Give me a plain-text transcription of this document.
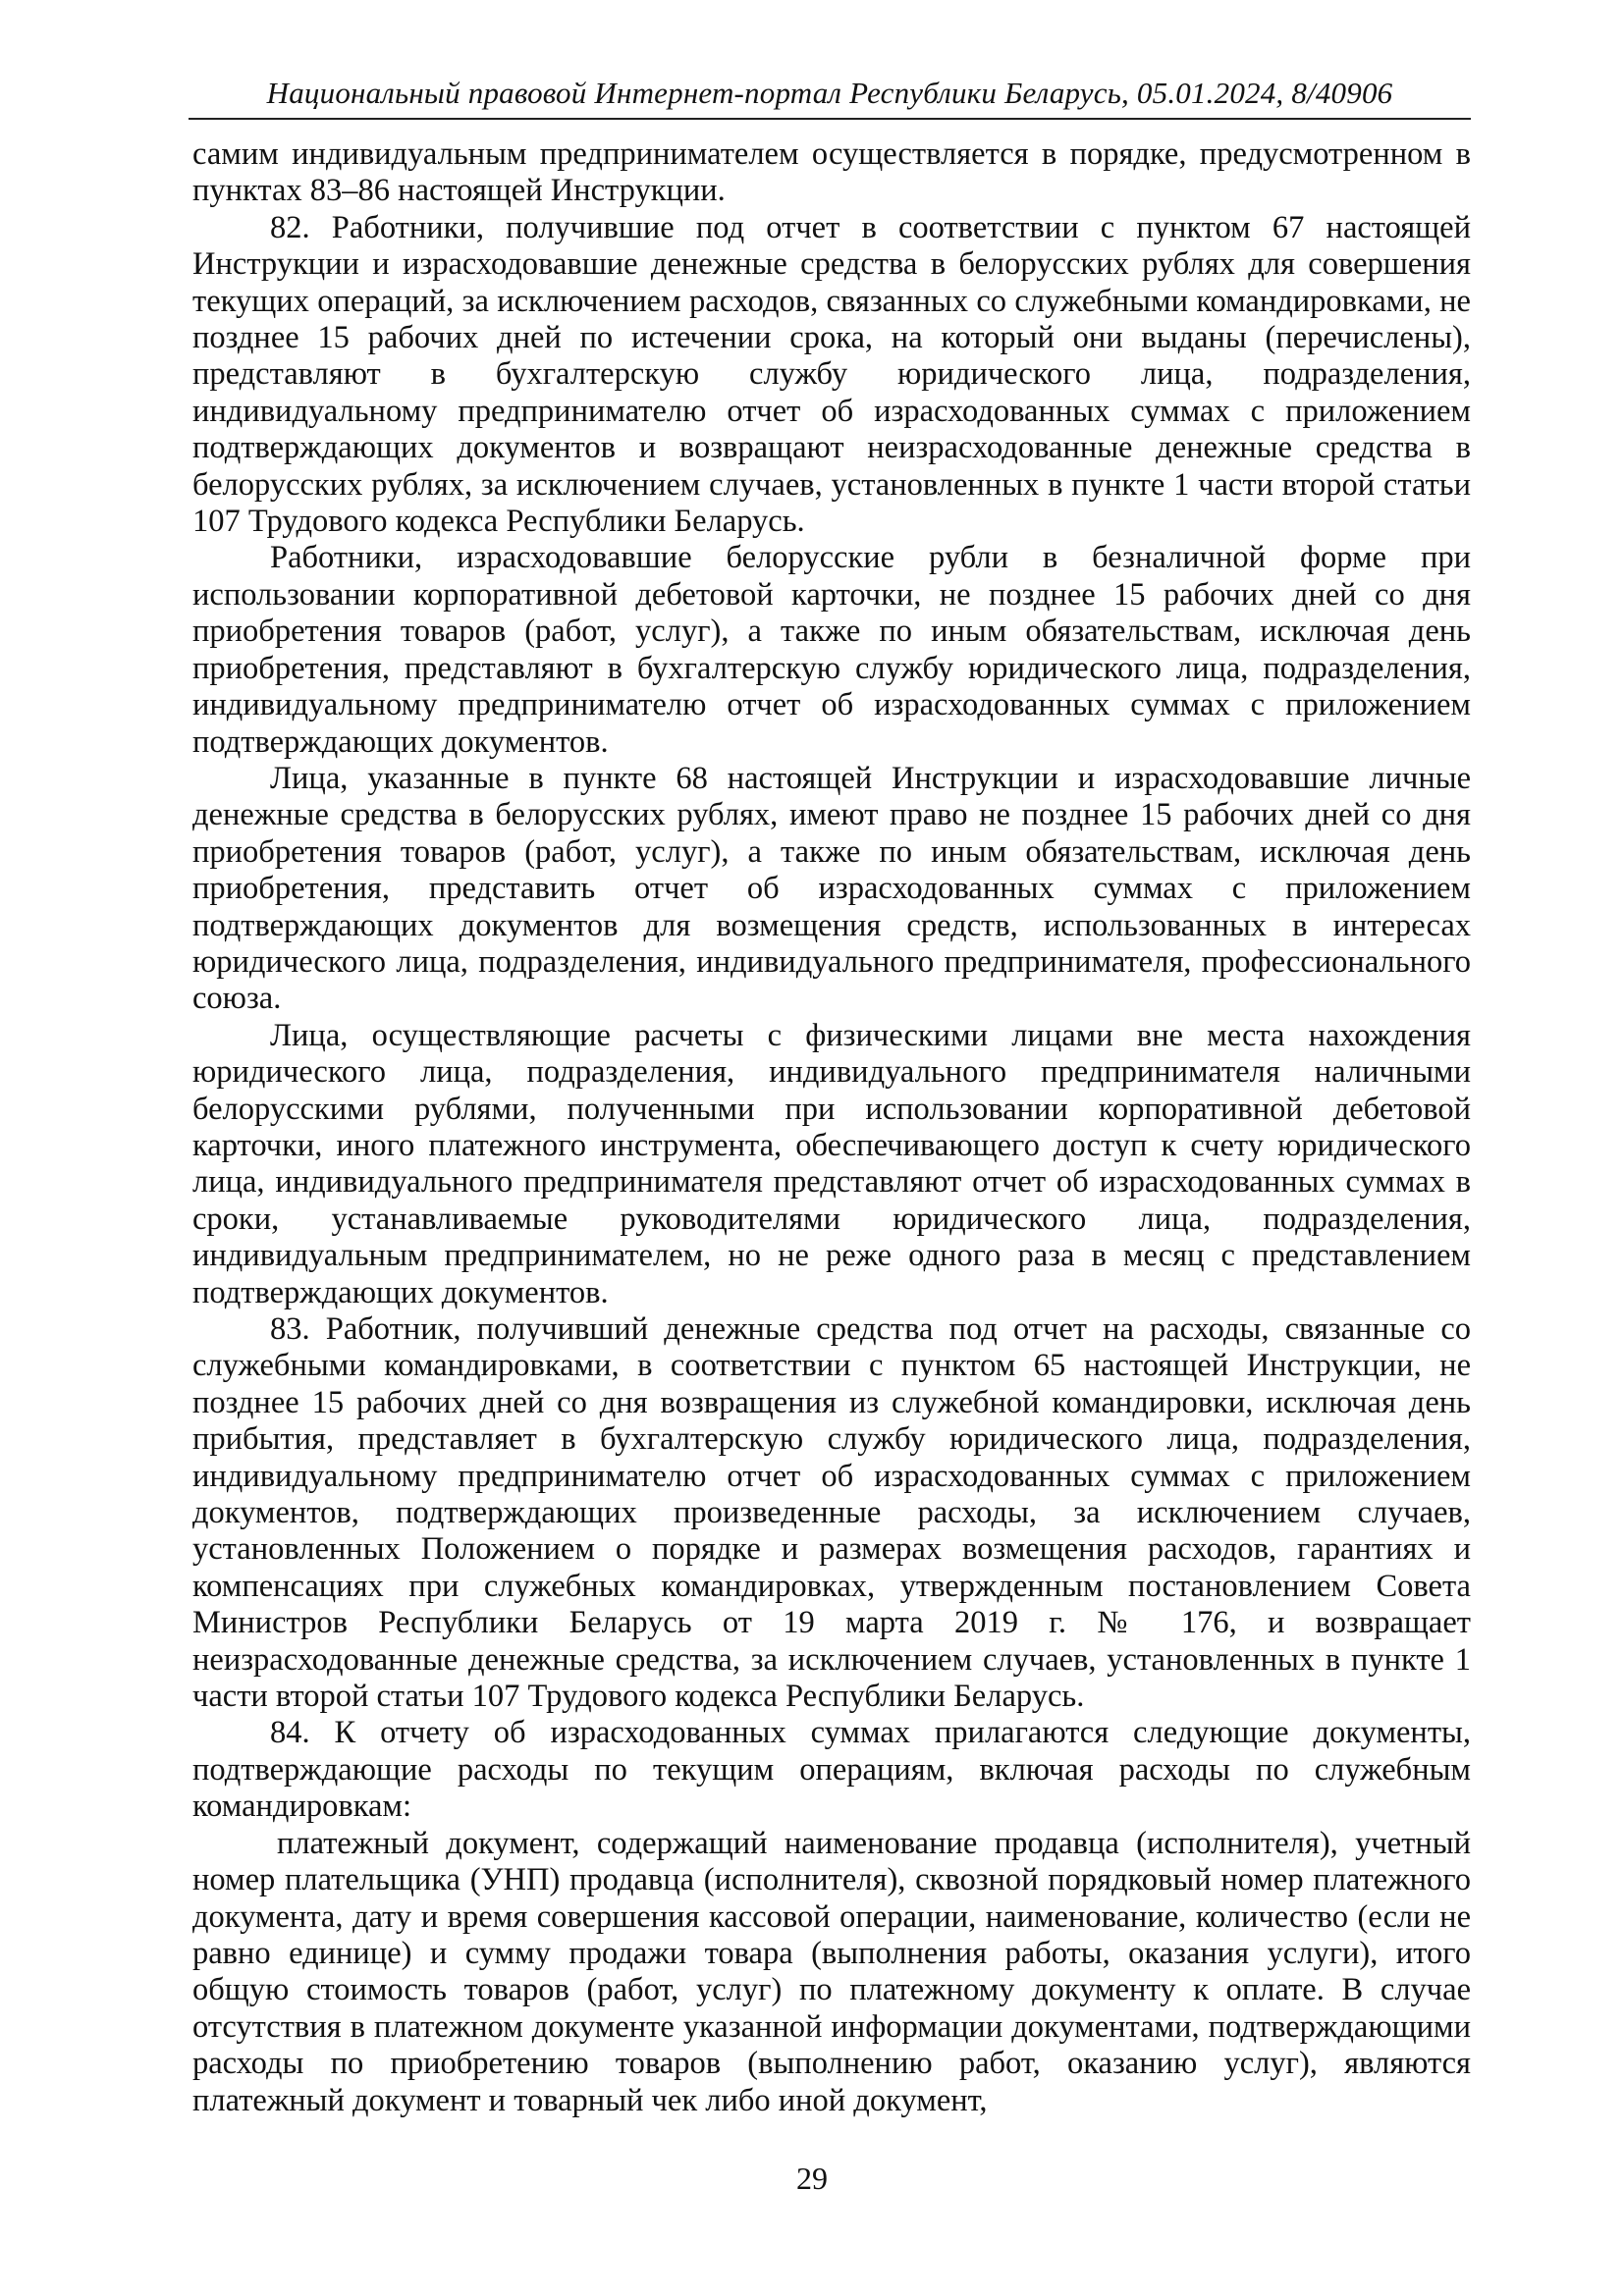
Национальный правовой Интернет-портал Республики Беларусь, 05.01.2024, 8/40906

самим индивидуальным предпринимателем осуществляется в порядке, предусмотренном в пунктах 83–86 настоящей Инструкции.

82. Работники, получившие под отчет в соответствии с пунктом 67 настоящей Инструкции и израсходовавшие денежные средства в белорусских рублях для совершения текущих операций, за исключением расходов, связанных со служебными командировками, не позднее 15 рабочих дней по истечении срока, на который они выданы (перечислены), представляют в бухгалтерскую службу юридического лица, подразделения, индивидуальному предпринимателю отчет об израсходованных суммах с приложением подтверждающих документов и возвращают неизрасходованные денежные средства в белорусских рублях, за исключением случаев, установленных в пункте 1 части второй статьи 107 Трудового кодекса Республики Беларусь.

Работники, израсходовавшие белорусские рубли в безналичной форме при использовании корпоративной дебетовой карточки, не позднее 15 рабочих дней со дня приобретения товаров (работ, услуг), а также по иным обязательствам, исключая день приобретения, представляют в бухгалтерскую службу юридического лица, подразделения, индивидуальному предпринимателю отчет об израсходованных суммах с приложением подтверждающих документов.

Лица, указанные в пункте 68 настоящей Инструкции и израсходовавшие личные денежные средства в белорусских рублях, имеют право не позднее 15 рабочих дней со дня приобретения товаров (работ, услуг), а также по иным обязательствам, исключая день приобретения, представить отчет об израсходованных суммах с приложением подтверждающих документов для возмещения средств, использованных в интересах юридического лица, подразделения, индивидуального предпринимателя, профессионального союза.

Лица, осуществляющие расчеты с физическими лицами вне места нахождения юридического лица, подразделения, индивидуального предпринимателя наличными белорусскими рублями, полученными при использовании корпоративной дебетовой карточки, иного платежного инструмента, обеспечивающего доступ к счету юридического лица, индивидуального предпринимателя представляют отчет об израсходованных суммах в сроки, устанавливаемые руководителями юридического лица, подразделения, индивидуальным предпринимателем, но не реже одного раза в месяц с представлением подтверждающих документов.

83. Работник, получивший денежные средства под отчет на расходы, связанные со служебными командировками, в соответствии с пунктом 65 настоящей Инструкции, не позднее 15 рабочих дней со дня возвращения из служебной командировки, исключая день прибытия, представляет в бухгалтерскую службу юридического лица, подразделения, индивидуальному предпринимателю отчет об израсходованных суммах с приложением документов, подтверждающих произведенные расходы, за исключением случаев, установленных Положением о порядке и размерах возмещения расходов, гарантиях и компенсациях при служебных командировках, утвержденным постановлением Совета Министров Республики Беларусь от 19 марта 2019 г. № 176, и возвращает неизрасходованные денежные средства, за исключением случаев, установленных в пункте 1 части второй статьи 107 Трудового кодекса Республики Беларусь.

84. К отчету об израсходованных суммах прилагаются следующие документы, подтверждающие расходы по текущим операциям, включая расходы по служебным командировкам:

платежный документ, содержащий наименование продавца (исполнителя), учетный номер плательщика (УНП) продавца (исполнителя), сквозной порядковый номер платежного документа, дату и время совершения кассовой операции, наименование, количество (если не равно единице) и сумму продажи товара (выполнения работы, оказания услуги), итого общую стоимость товаров (работ, услуг) по платежному документу к оплате. В случае отсутствия в платежном документе указанной информации документами, подтверждающими расходы по приобретению товаров (выполнению работ, оказанию услуг), являются платежный документ и товарный чек либо иной документ,

29
